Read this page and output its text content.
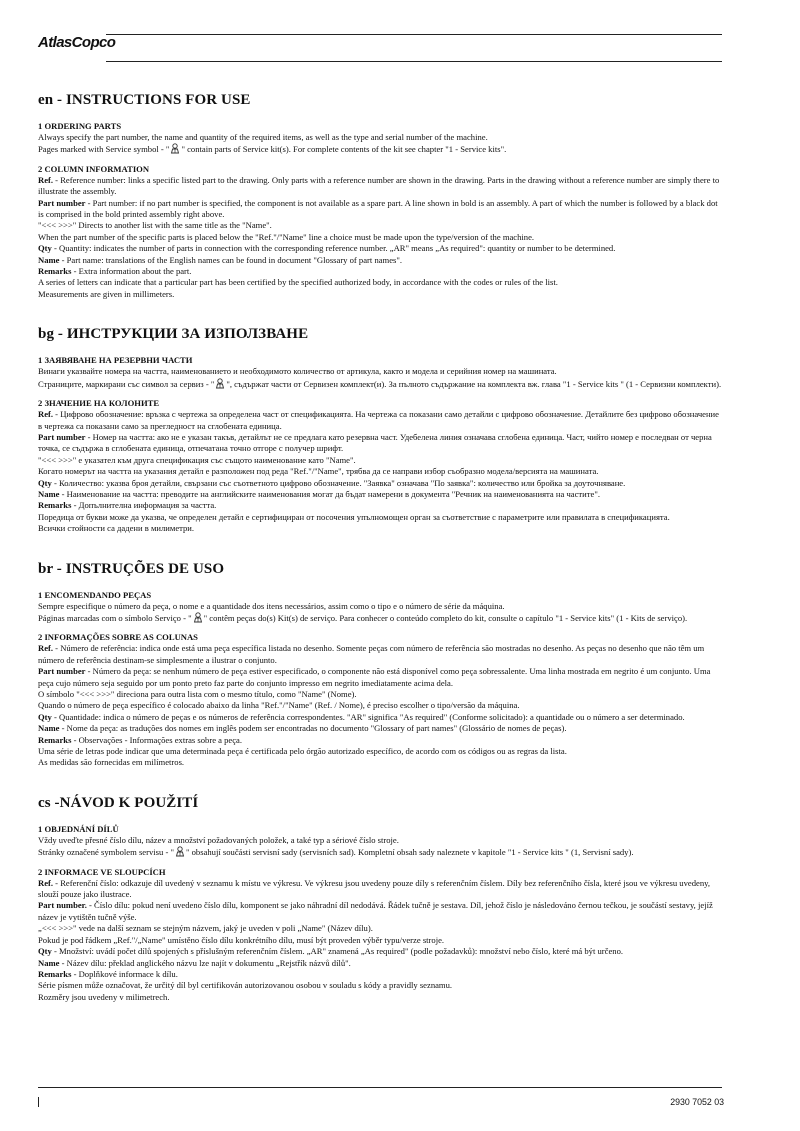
AtlasCopco
en - INSTRUCTIONS FOR USE
1 ORDERING PARTS

Always specify the part number, the name and quantity of the required items, as well as the type and serial number of the machine.

Pages marked with Service symbol - " " contain parts of Service kit(s). For complete contents of the kit see chapter "1 - Service kits".

2 COLUMN INFORMATION

Ref. - Reference number: links a specific listed part to the drawing. Only parts with a reference number are shown in the drawing. Parts in the drawing without a reference number are simply there to illustrate the assembly.

Part number - Part number: if no part number is specified, the component is not available as a spare part. A line shown in bold is an assembly. A part of which the number is followed by a black dot is comprised in the bold printed assembly right above.

"<<< >>>" Directs to another list with the same title as the "Name".

When the part number of the specific parts is placed below the "Ref."/"Name" line a choice must be made upon the type/version of the machine.

Qty - Quantity: indicates the number of parts in connection with the corresponding reference number. „AR" means „As required": quantity or number to be determined.

Name - Part name: translations of the English names can be found in document "Glossary of part names".

Remarks - Extra information about the part.

A series of letters can indicate that a particular part has been certified by the specified authorized body, in accordance with the codes or rules of the list.

Measurements are given in millimeters.

bg - ИНСТРУКЦИИ ЗА ИЗПОЛЗВАНЕ
1 ЗАЯВЯВАНЕ НА РЕЗЕРВНИ ЧАСТИ

Винаги указвайте номера на частта, наименованието и необходимото количество от артикула, както и модела и серийния номер на машината.

Страниците, маркирани със символ за сервиз - " ", съдържат части от Сервизен комплект(и). За пълното съдържание на комплекта вж. глава "1 - Service kits " (1 - Сервизни комплекти).

2 ЗНАЧЕНИЕ НА КОЛОНИТЕ

Ref. - Цифрово обозначение: връзка с чертежа за определена част от спецификацията. На чертежа са показани само детайли с цифрово обозначение. Детайлите без цифрово обозначение в чертежа са показани само за прегледност на сглобената единица.

Part number - Номер на частта: ако не е указан такъв, детайлът не се предлага като резервна част. Удебелена линия означава сглобена единица. Част, чийто номер е последван от черна точка, се съдържа в сглобената единица, отпечатана точно отгоре с получер шрифт.

"<<< >>>" е указател към друга спецификация със същото наименование като "Name".

Когато номерът на частта на указания детайл е разположен под реда "Ref."/"Name", трябва да се направи избор съобразно модела/версията на машината.

Qty - Количество: указва броя детайли, свързани със съответното цифрово обозначение. "Заявка" означава "По заявка": количество или бройка за доуточняване.

Name - Наименование на частта: преводите на английските наименования могат да бъдат намерени в документа "Речник на наименованията на частите".

Remarks - Допълнителна информация за частта.

Поредица от букви може да указва, че определен детайл е сертифициран от посочения упълномощен орган за съответствие с параметрите или правилата в спецификацията.

Всички стойности са дадени в милиметри.

br - INSTRUÇÕES DE USO
1 ENCOMENDANDO PEÇAS

Sempre especifique o número da peça, o nome e a quantidade dos itens necessários, assim como o tipo e o número de série da máquina.

Páginas marcadas com o símbolo Serviço - " " contêm peças do(s) Kit(s) de serviço. Para conhecer o conteúdo completo do kit, consulte o capítulo "1 - Service kits" (1 - Kits de serviço).

2 INFORMAÇÕES SOBRE AS COLUNAS

Ref. - Número de referência: indica onde está uma peça específica listada no desenho. Somente peças com número de referência são mostradas no desenho. As peças no desenho que não têm um número de referência destinam-se simplesmente a ilustrar o conjunto.

Part number - Número da peça: se nenhum número de peça estiver especificado, o componente não está disponível como peça sobressalente. Uma linha mostrada em negrito é um conjunto. Uma peça cujo número seja seguido por um ponto preto faz parte do conjunto impresso em negrito imediatamente acima dela.

O símbolo "<<< >>>" direciona para outra lista com o mesmo título, como "Name" (Nome).

Quando o número de peça específico é colocado abaixo da linha "Ref."/"Name" (Ref. / Nome), é preciso escolher o tipo/versão da máquina.

Qty - Quantidade: indica o número de peças e os números de referência correspondentes. "AR" significa "As required" (Conforme solicitado): a quantidade ou o número a ser determinado.

Name - Nome da peça: as traduções dos nomes em inglês podem ser encontradas no documento "Glossary of part names" (Glossário de nomes de peças).

Remarks - Observações - Informações extras sobre a peça.

Uma série de letras pode indicar que uma determinada peça é certificada pelo órgão autorizado específico, de acordo com os códigos ou as regras da lista.

As medidas são fornecidas em milímetros.

cs -NÁVOD K POUŽITÍ
1 OBJEDNÁNÍ DÍLŮ

Vždy uveďte přesné číslo dílu, název a množství požadovaných položek, a také typ a sériové číslo stroje.

Stránky označené symbolem servisu - " " obsahují součásti servisní sady (servisních sad). Kompletní obsah sady naleznete v kapitole "1 - Service kits " (1, Servisní sady).

2 INFORMACE VE SLOUPCÍCH

Ref. - Referenční číslo: odkazuje díl uvedený v seznamu k místu ve výkresu. Ve výkresu jsou uvedeny pouze díly s referenčním číslem. Díly bez referenčního čísla, které jsou ve výkresu uvedeny, slouží pouze jako ilustrace.

Part number. - Číslo dílu: pokud není uvedeno číslo dílu, komponent se jako náhradní díl nedodává. Řádek tučně je sestava. Díl, jehož číslo je následováno černou tečkou, je součástí sestavy, jejíž název je vytištěn tučně výše.

„<<< >>>" vede na další seznam se stejným názvem, jaký je uveden v poli „Name" (Název dílu).

Pokud je pod řádkem „Ref."/„Name" umístěno číslo dílu konkrétního dílu, musí být proveden výběr typu/verze stroje.

Qty - Množství: uvádí počet dílů spojených s příslušným referenčním číslem. „AR" znamená „As required" (podle požadavků): množství nebo číslo, které má být určeno.

Name - Název dílu: překlad anglického názvu lze najít v dokumentu „Rejstřík názvů dílů".

Remarks - Doplňkové informace k dílu.

Série písmen může označovat, že určitý díl byl certifikován autorizovanou osobou v souladu s kódy a pravidly seznamu.

Rozměry jsou uvedeny v milimetrech.

2930 7052 03
